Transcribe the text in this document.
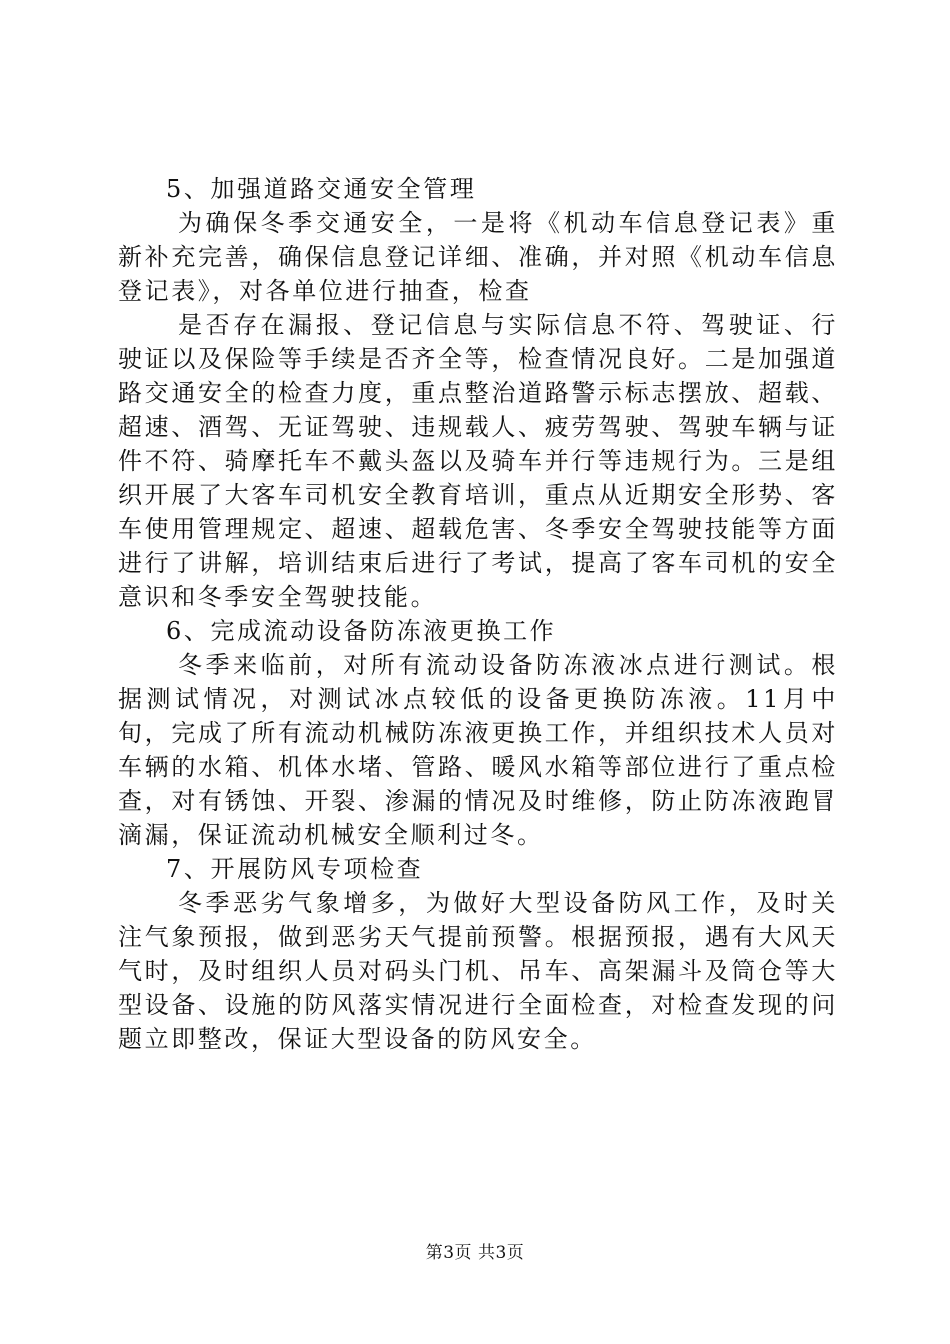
5、加强道路交通安全管理

为确保冬季交通安全，一是将《机动车信息登记表》重新补充完善，确保信息登记详细、准确，并对照《机动车信息登记表》，对各单位进行抽查，检查

是否存在漏报、登记信息与实际信息不符、驾驶证、行驶证以及保险等手续是否齐全等，检查情况良好。二是加强道路交通安全的检查力度，重点整治道路警示标志摆放、超载、超速、酒驾、无证驾驶、违规载人、疲劳驾驶、驾驶车辆与证件不符、骑摩托车不戴头盔以及骑车并行等违规行为。三是组织开展了大客车司机安全教育培训，重点从近期安全形势、客车使用管理规定、超速、超载危害、冬季安全驾驶技能等方面进行了讲解，培训结束后进行了考试，提高了客车司机的安全意识和冬季安全驾驶技能。

6、完成流动设备防冻液更换工作

冬季来临前，对所有流动设备防冻液冰点进行测试。根据测试情况，对测试冰点较低的设备更换防冻液。11月中旬，完成了所有流动机械防冻液更换工作，并组织技术人员对车辆的水箱、机体水堵、管路、暖风水箱等部位进行了重点检查，对有锈蚀、开裂、渗漏的情况及时维修，防止防冻液跑冒滴漏，保证流动机械安全顺利过冬。

7、开展防风专项检查

冬季恶劣气象增多，为做好大型设备防风工作，及时关注气象预报，做到恶劣天气提前预警。根据预报，遇有大风天气时，及时组织人员对码头门机、吊车、高架漏斗及筒仓等大型设备、设施的防风落实情况进行全面检查，对检查发现的问题立即整改，保证大型设备的防风安全。

第3页 共3页
